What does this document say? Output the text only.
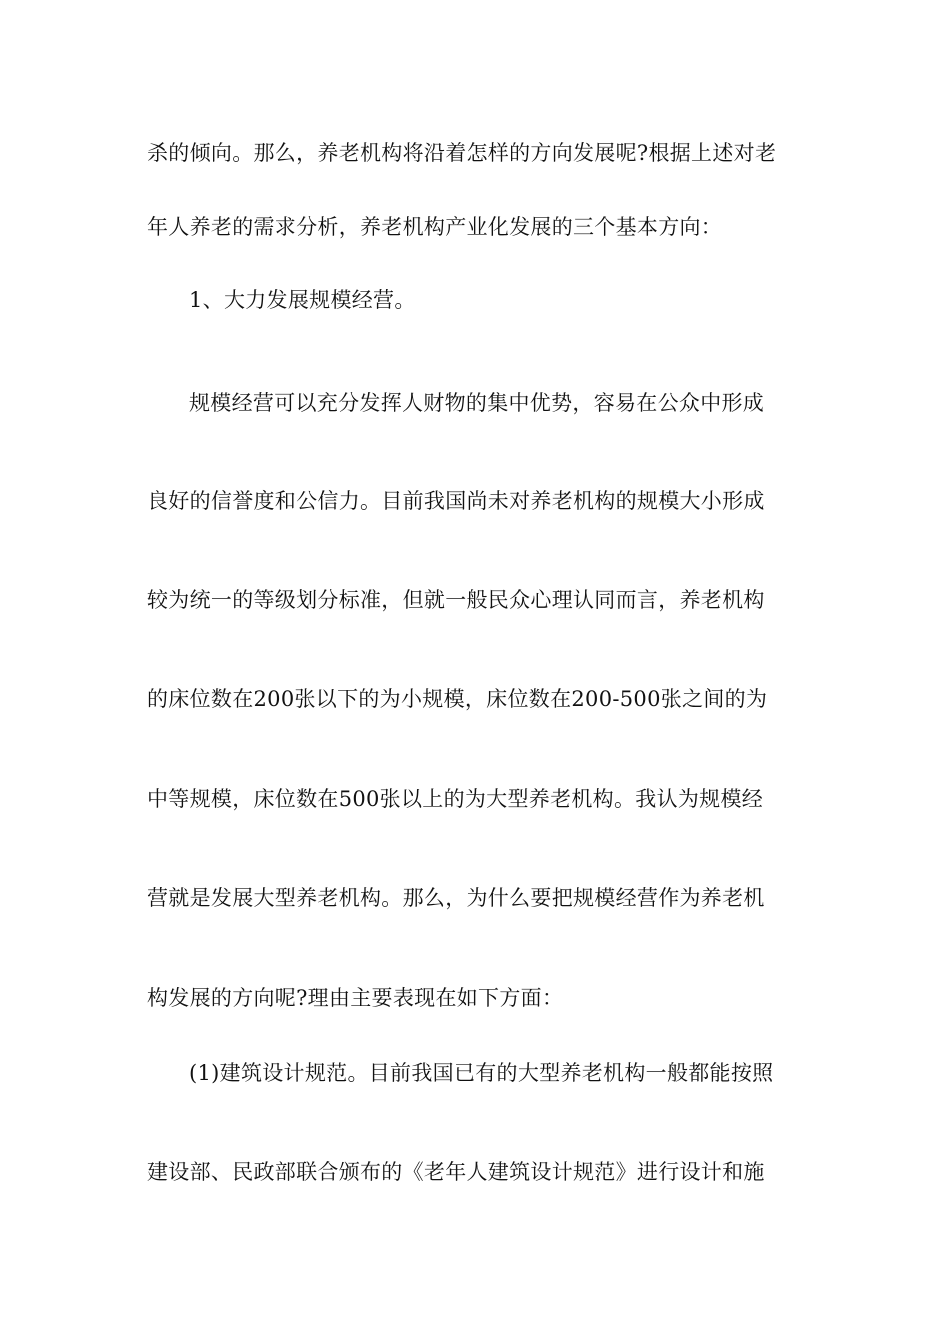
杀的倾向。那么，养老机构将沿着怎样的方向发展呢?根据上述对老
年人养老的需求分析，养老机构产业化发展的三个基本方向：
1、大力发展规模经营。
规模经营可以充分发挥人财物的集中优势，容易在公众中形成
良好的信誉度和公信力。目前我国尚未对养老机构的规模大小形成
较为统一的等级划分标准，但就一般民众心理认同而言，养老机构
的床位数在200张以下的为小规模，床位数在200-500张之间的为
中等规模，床位数在500张以上的为大型养老机构。我认为规模经
营就是发展大型养老机构。那么，为什么要把规模经营作为养老机
构发展的方向呢?理由主要表现在如下方面：
(1)建筑设计规范。目前我国已有的大型养老机构一般都能按照
建设部、民政部联合颁布的《老年人建筑设计规范》进行设计和施
